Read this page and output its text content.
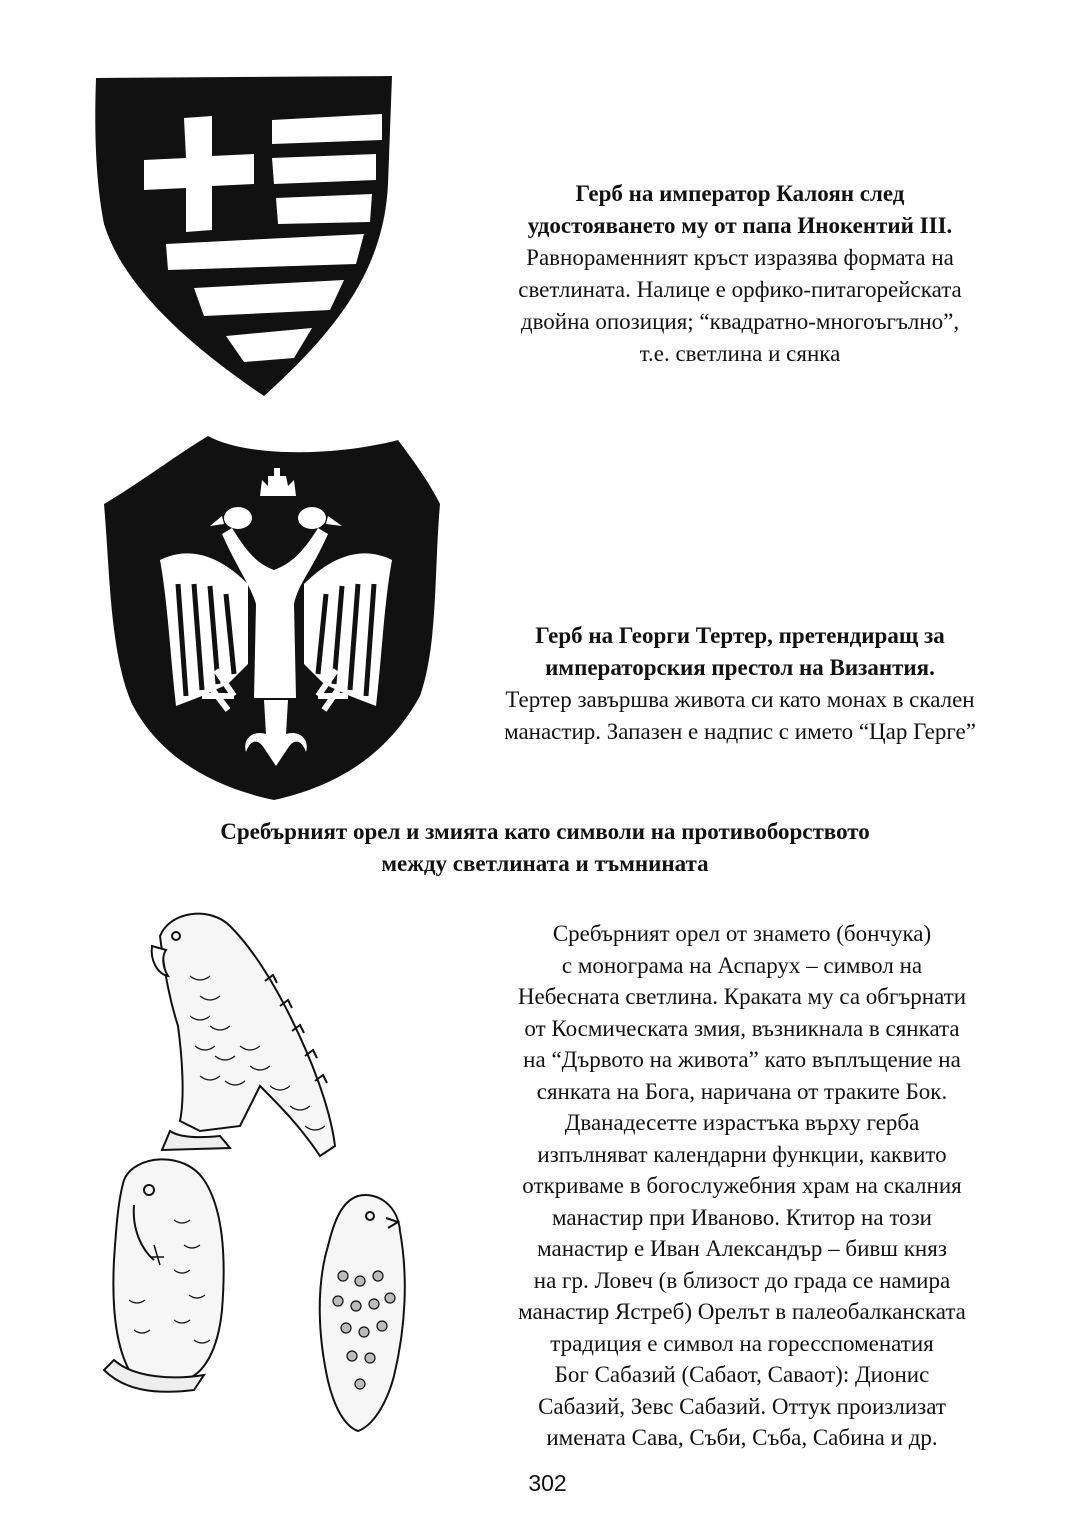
Герб на император Калоян след
удостояването му от папа Инокентий III.
Равнораменният кръст изразява формата на
светлината. Налице е орфико-питагорейската
двойна опозиция; “квадратно-многоъгълно”,
т.е. светлина и сянка
Герб на Георги Тертер, претендиращ за
императорския престол на Византия.
Тертер завършва живота си като монах в скален
манастир. Запазен е надпис с името “Цар Герге”
Сребърният орел и змията като символи на противоборството
между светлината и тъмнината
Сребърният орел от знамето (бончука)
с монограма на Аспарух – символ на
Небесната светлина. Краката му са обгърнати
от Космическата змия, възникнала в сянката
на “Дървото на живота” като въплъщение на
сянката на Бога, наричана от траките Бок.
Дванадесетте израстъка върху герба
изпълняват календарни функции, каквито
откриваме в богослужебния храм на скалния
манастир при Иваново. Ктитор на този
манастир е Иван Александър – бивш княз
на гр. Ловеч (в близост до града се намира
манастир Ястреб) Орелът в палеобалканската
традиция е символ на горесспоменатия
Бог Сабазий (Сабаот, Саваот): Дионис
Сабазий, Зевс Сабазий. Оттук произлизат
имената Сава, Съби, Съба, Сабина и др.
302
